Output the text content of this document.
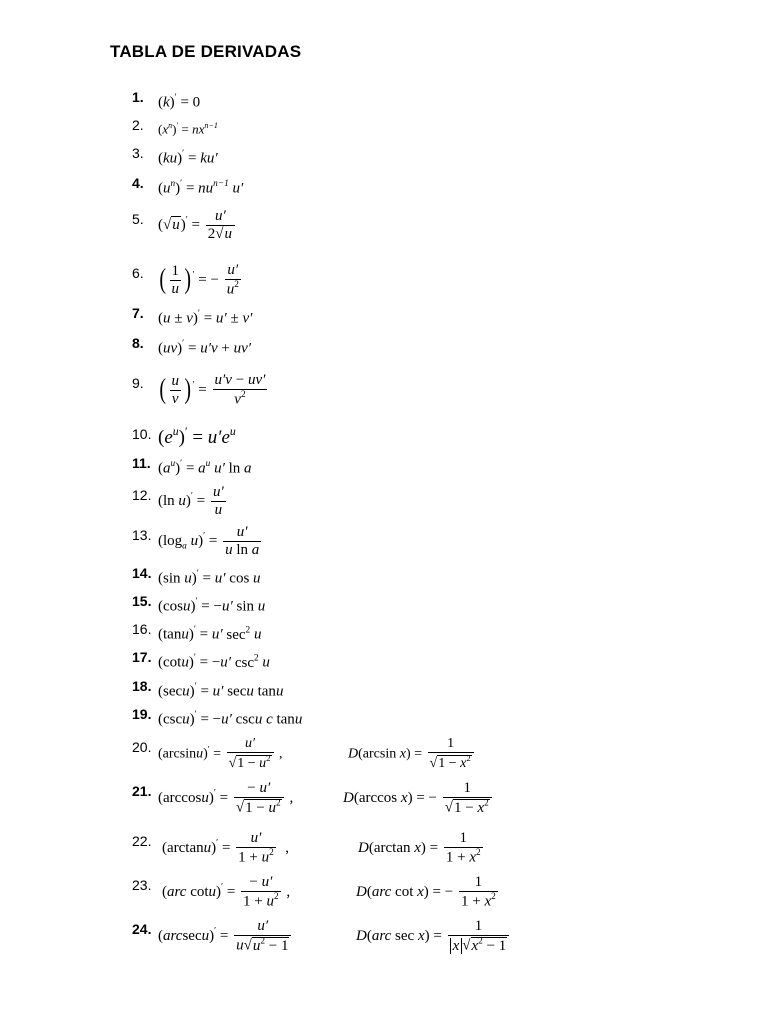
TABLA DE DERIVADAS
1. (k)′ = 0
2. $(x^n)' = nx^{n-1}$
3. (ku)′ = ku′
4. $(u^n)' = nu^{n-1}$ u′
5. $(√u)' = \frac{u'}{2√u}$
6. ( $\frac{1}{u} )'$ = − $\frac{u'}{u^2}$
7. (u ± v)′ = u′ ± v′
8. (uv)′ = u′v + uv′
9. ( $\frac{u}{v} )' = \frac{u'v - uv'}{v^2}$
10. $(e^u)' = u'e^u$
11. $(a^u)' = a^u$ u′ ln a
12. (ln $u)' = \frac{u'}{u}$
13. ($\log_a$ $u)' = \frac{u'}{\text{u ln a}}$
14. (sin u)′ = u′ cos u
15. (cosu)′ = −u′ sin u
16. (tanu)′ = u′ $\sec^2 u$
17. (cotu)′ = −u′ $\csc^2 u$
18. (secu)′ = u′ secu tanu
19. (cscu)′ = −u′ cscu c tanu
20. $(\arcsin u)' = \frac{u'}{√1 - u^2}$ ,	D(arcsin $x) = \frac{1}{√1 - x^2}$
21. $(\arccos u)' = \frac{- u'}{√1 - u^2}$ ,	D(arccos x) = − $\frac{1}{√1 - x^2}$
22. $(\arctan u)' = \frac{u'}{1 + u^2}$ ,	D(arctan $x) = \frac{1}{1 + x^2}$
23. (arc $\cot u)' = \frac{- u'}{1 + u^2}$ ,	D(arc cot x) = − $\frac{1}{1 + x^2}$
24. $(arcsecu)' = \frac{u'}{u√u^2 - 1}$	D(arc $\sec x) = \frac{1}{x √x^2 - 1}$
